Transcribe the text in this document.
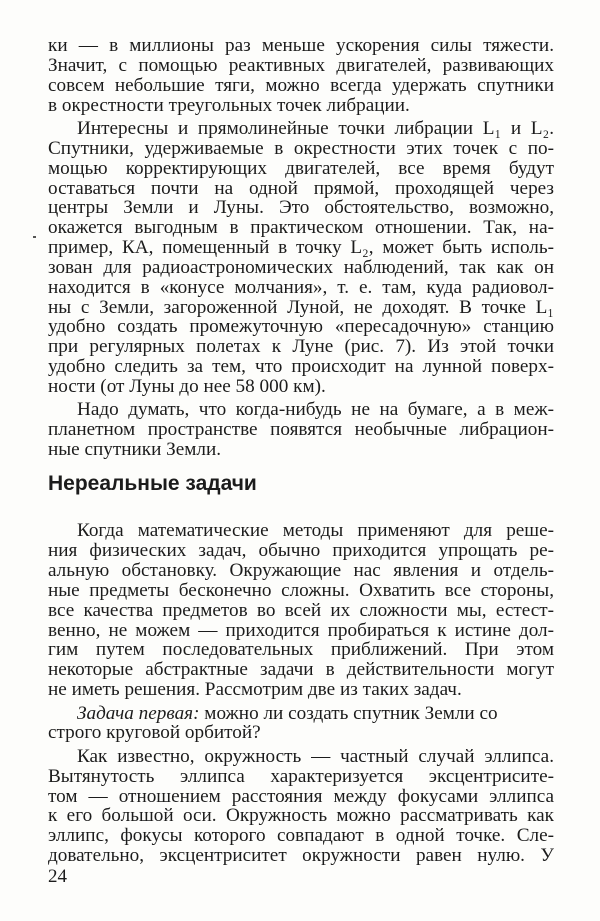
ки — в миллионы раз меньше ускорения силы тяжести.
Значит, с помощью реактивных двигателей, развивающих
совсем небольшие тяги, можно всегда удержать спутники
в окрестности треугольных точек либрации.
Интересны и прямолинейные точки либрации L₁ и L₂.
Спутники, удерживаемые в окрестности этих точек с по-
мощью корректирующих двигателей, все время будут
оставаться почти на одной прямой, проходящей через
центры Земли и Луны. Это обстоятельство, возможно,
окажется выгодным в практическом отношении. Так, на-
пример, КА, помещенный в точку L₂, может быть исполь-
зован для радиоастрономических наблюдений, так как он
находится в «конусе молчания», т. е. там, куда радиовол-
ны с Земли, загороженной Луной, не доходят. В точке L₁
удобно создать промежуточную «пересадочную» станцию
при регулярных полетах к Луне (рис. 7). Из этой точки
удобно следить за тем, что происходит на лунной поверх-
ности (от Луны до нее 58 000 км).
Надо думать, что когда-нибудь не на бумаге, а в меж-
планетном пространстве появятся необычные либрацион-
ные спутники Земли.
Нереальные задачи
Когда математические методы применяют для реше-
ния физических задач, обычно приходится упрощать ре-
альную обстановку. Окружающие нас явления и отдель-
ные предметы бесконечно сложны. Охватить все стороны,
все качества предметов во всей их сложности мы, естест-
венно, не можем — приходится пробираться к истине дол-
гим путем последовательных приближений. При этом
некоторые абстрактные задачи в действительности могут
не иметь решения. Рассмотрим две из таких задач.
Задача первая: можно ли создать спутник Земли со
строго круговой орбитой?
Как известно, окружность — частный случай эллипса.
Вытянутость эллипса характеризуется эксцентрисите-
том — отношением расстояния между фокусами эллипса
к его большой оси. Окружность можно рассматривать как
эллипс, фокусы которого совпадают в одной точке. Сле-
довательно, эксцентриситет окружности равен нулю. У
24
